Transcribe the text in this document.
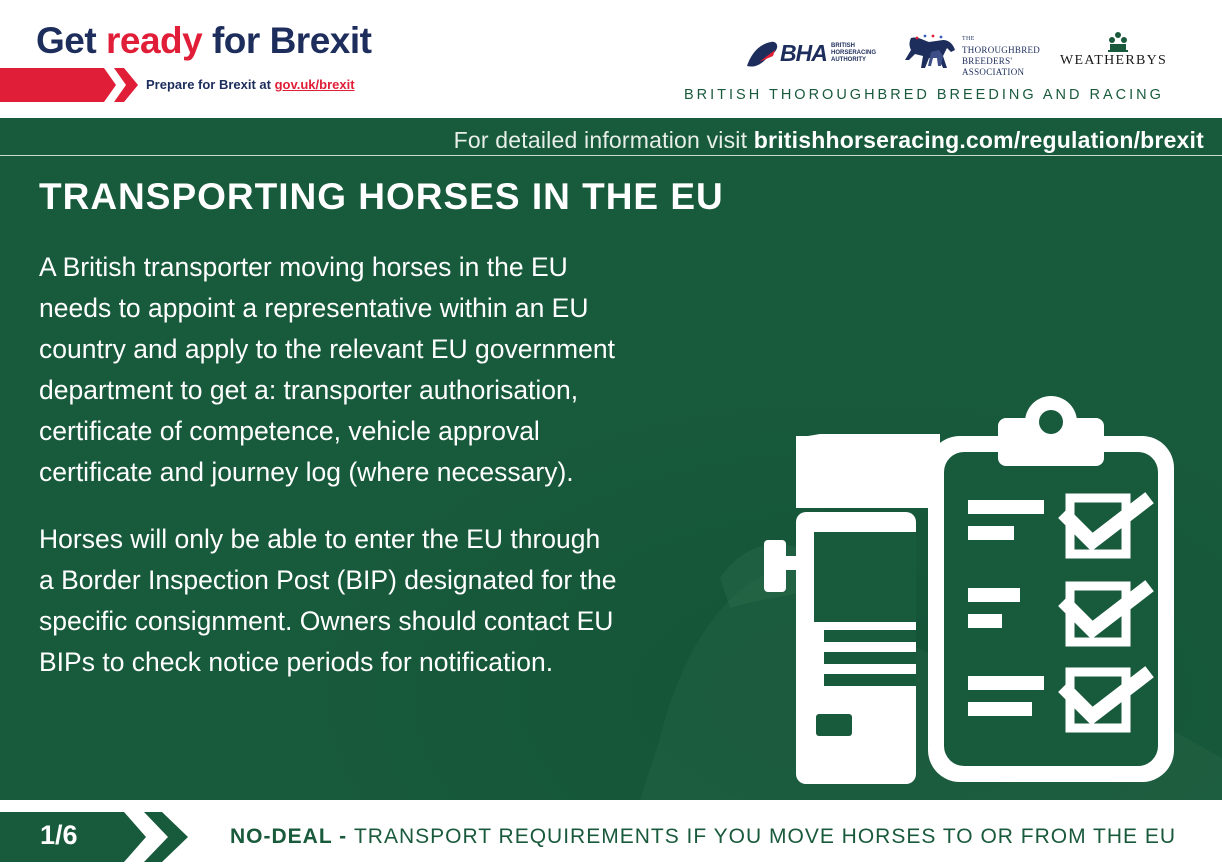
Get ready for Brexit
Prepare for Brexit at gov.uk/brexit
BHA BRITISH
HORSERACING
AUTHORITY
THE
THOROUGHBRED
BREEDERS'
ASSOCIATION
WEATHERBYS
BRITISH THOROUGHBRED BREEDING AND RACING
For detailed information visit britishhorseracing.com/regulation/brexit
TRANSPORTING HORSES IN THE EU
A British transporter moving horses in the EU
needs to appoint a representative within an EU
country and apply to the relevant EU government
department to get a: transporter authorisation,
certificate of competence, vehicle approval
certificate and journey log (where necessary).
Horses will only be able to enter the EU through
a Border Inspection Post (BIP) designated for the
specific consignment. Owners should contact EU
BIPs to check notice periods for notification.
1/6	NO-DEAL - TRANSPORT REQUIREMENTS IF YOU MOVE HORSES TO OR FROM THE EU
